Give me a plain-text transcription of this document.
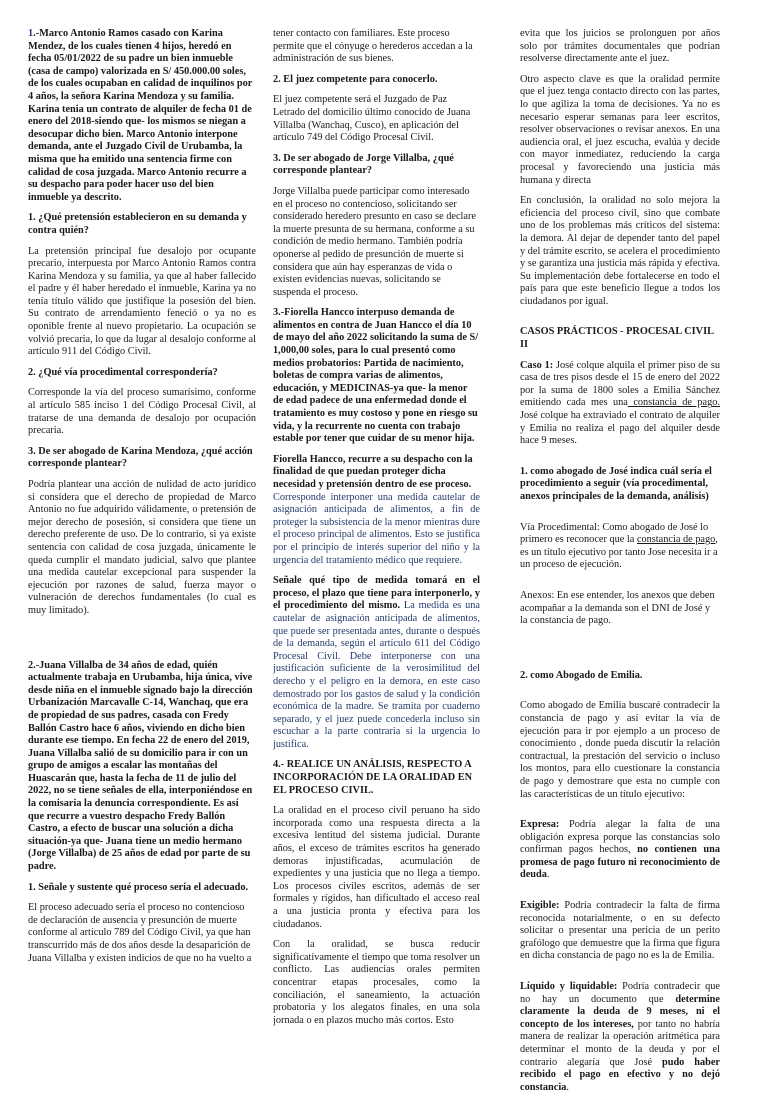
1.-Marco Antonio Ramos casado con Karina Mendez, de los cuales tienen 4 hijos, heredó en fecha 05/01/2022 de su padre un bien inmueble (casa de campo) valorizada en S/ 450.000.00 soles, de los cuales ocupaban en calidad de inquilinos por 4 años, la señora Karina Mendoza y su familia. Karina tenia un contrato de alquiler de fecha 01 de enero del 2018-siendo que- los mismos se niegan a desocupar dicho bien. Marco Antonio interpone demanda, ante el Juzgado Civil de Urubamba, la misma que ha emitido una sentencia firme con calidad de cosa juzgada. Marco Antonio recurre a su despacho para poder hacer uso del bien inmueble ya descrito.

1. ¿Qué pretensión establecieron en su demanda y contra quién?

La pretensión principal fue desalojo por ocupante precario, interpuesta por Marco Antonio Ramos contra Karina Mendoza y su familia, ya que al haber fallecido el padre y él haber heredado el inmueble, Karina ya no tenía título válido que justifique la posesión del bien. Su contrato de arrendamiento feneció o ya no es oponible frente al nuevo propietario. La ocupación se volvió precaria, lo que da lugar al desalojo conforme al artículo 911 del Código Civil.

2. ¿Qué vía procedimental correspondería?

Corresponde la vía del proceso sumarísimo, conforme al artículo 585 inciso 1 del Código Procesal Civil, al tratarse de una demanda de desalojo por ocupación precaria.

3. De ser abogado de Karina Mendoza, ¿qué acción corresponde plantear?

Podría plantear una acción de nulidad de acto jurídico si considera que el derecho de propiedad de Marco Antonio no fue adquirido válidamente, o pretensión de mejor derecho de posesión, si considera que tiene un derecho preferente de uso. De lo contrario, si ya existe sentencia con calidad de cosa juzgada, únicamente le queda cumplir el mandato judicial, salvo que plantee una medida cautelar excepcional para suspender la ejecución por razones de salud, fuerza mayor o vulneración de derechos fundamentales (lo cual es muy limitado).

2.-Juana Villalba de 34 años de edad, quién actualmente trabaja en Urubamba, hija única, vive desde niña en el inmueble signado bajo la dirección Urbanización Marcavalle C-14, Wanchaq, que era de propiedad de sus padres, casada con Fredy Ballón Castro hace 6 años, viviendo en dicho bien durante ese tiempo. En fecha 22 de enero del 2019, Juana Villalba salió de su domicilio para ir con un grupo de amigos a escalar las montañas del Huascarán que, hasta la fecha de 11 de julio del 2022, no se tiene señales de ella, interponiéndose en la comisaria la denuncia correspondiente. Es así que recurre a vuestro despacho Fredy Ballón Castro, a efecto de buscar una solución a dicha situación-ya que- Juana tiene un medio hermano (Jorge Villalba) de 25 años de edad por parte de su padre.

1. Señale y sustente qué proceso sería el adecuado.

El proceso adecuado sería el proceso no contencioso de declaración de ausencia y presunción de muerte conforme al artículo 789 del Código Civil, ya que han transcurrido más de dos años desde la desaparición de Juana Villalba y existen indicios de que no ha vuelto a

tener contacto con familiares. Este proceso permite que el cónyuge o herederos accedan a la administración de sus bienes.

2. El juez competente para conocerlo.

El juez competente será el Juzgado de Paz Letrado del domicilio último conocido de Juana Villalba (Wanchaq, Cusco), en aplicación del artículo 749 del Código Procesal Civil.

3. De ser abogado de Jorge Villalba, ¿qué corresponde plantear?

Jorge Villalba puede participar como interesado en el proceso no contencioso, solicitando ser considerado heredero presunto en caso se declare la muerte presunta de su hermana, conforme a su condición de medio hermano. También podría oponerse al pedido de presunción de muerte si considera que aún hay esperanzas de vida o existen evidencias nuevas, solicitando se suspenda el proceso.

3.-Fiorella Hancco interpuso demanda de alimentos en contra de Juan Hancco el día 10 de mayo del año 2022 solicitando la suma de S/ 1,000,00 soles, para lo cual presentó como medios probatorios: Partida de nacimiento, boletas de compra varias de alimentos, educación, y MEDICINAS-ya que- la menor de edad padece de una enfermedad donde el tratamiento es muy costoso y pone en riesgo su vida, y la recurrente no cuenta con trabajo estable por tener que cuidar de su menor hija.

Fiorella Hancco, recurre a su despacho con la finalidad de que puedan proteger dicha necesidad y pretensión dentro de ese proceso.

Corresponde interponer una medida cautelar de asignación anticipada de alimentos, a fin de proteger la subsistencia de la menor mientras dure el proceso principal de alimentos. Esto se justifica por el principio de interés superior del niño y la urgencia del tratamiento médico que requiere.

Señale qué tipo de medida tomará en el proceso, el plazo que tiene para interponerlo, y el procedimiento del mismo. La medida es una cautelar de asignación anticipada de alimentos, que puede ser presentada antes, durante o después de la demanda, según el artículo 611 del Código Procesal Civil. Debe interponerse con una justificación suficiente de la verosimilitud del derecho y el peligro en la demora, en este caso demostrado por los gastos de salud y la condición económica de la madre. Se tramita por cuaderno separado, y el juez puede concederla incluso sin escuchar a la parte contraria si la urgencia lo justifica.

4.- REALICE UN ANÁLISIS, RESPECTO A INCORPORACIÓN DE LA ORALIDAD EN EL PROCESO CIVIL.

La oralidad en el proceso civil peruano ha sido incorporada como una respuesta directa a la excesiva lentitud del sistema judicial. Durante años, el exceso de trámites escritos ha generado demoras injustificadas, acumulación de expedientes y una justicia que no llega a tiempo. Los procesos civiles escritos, además de ser formales y rígidos, han dificultado el acceso real a una justicia pronta y efectiva para los ciudadanos.

Con la oralidad, se busca reducir significativamente el tiempo que toma resolver un conflicto. Las audiencias orales permiten concentrar etapas procesales, como la conciliación, el saneamiento, la actuación probatoria y los alegatos finales, en una sola jornada o en plazos mucho más cortos. Esto

evita que los juicios se prolonguen por años solo por trámites documentales que podrían resolverse directamente ante el juez.

Otro aspecto clave es que la oralidad permite que el juez tenga contacto directo con las partes, lo que agiliza la toma de decisiones. Ya no es necesario esperar semanas para leer escritos, resolver observaciones o revisar anexos. En una audiencia oral, el juez escucha, evalúa y decide con mayor inmediatez, reduciendo la carga procesal y favoreciendo una justicia más humana y directa

En conclusión, la oralidad no solo mejora la eficiencia del proceso civil, sino que combate uno de los problemas más críticos del sistema: la demora. Al dejar de depender tanto del papel y del trámite escrito, se acelera el procedimiento y se garantiza una justicia más rápida y efectiva. Su implementación debe fortalecerse en todo el país para que este beneficio llegue a todos los ciudadanos por igual.

CASOS PRÁCTICOS - PROCESAL CIVIL II

Caso 1: José colque alquila el primer piso de su casa de tres pisos desde el 15 de enero del 2022 por la suma de 1800 soles a Emilia Sánchez emitiendo cada mes una constancia de pago. José colque ha extraviado el contrato de alquiler y Emilia no realiza el pago del alquiler desde hace 9 meses.

1. como abogado de José indica cuál sería el procedimiento a seguir (vía procedimental, anexos principales de la demanda, análisis)

Vía Procedimental: Como abogado de José lo primero es reconocer que la constancia de pago, es un título ejecutivo por tanto Jose necesita ir a un proceso de ejecución.

Anexos: En ese entender, los anexos que deben acompañar a la demanda son el DNI de José y la constancia de pago.

2. como Abogado de Emilia.

Como abogado de Emilia buscaré contradecir la constancia de pago y así evitar la vía de ejecución para ir por ejemplo a un proceso de conocimiento , donde pueda discutir la relación contractual, la prestación del servicio o incluso los montos, para ello cuestionare la constancia de pago y demostrare que esta no cumple con las características de un título ejecutivo:

Expresa: Podría alegar la falta de una obligación expresa porque las constancias solo confirman pagos hechos, no contienen una promesa de pago futuro ni reconocimiento de deuda.

Exigible: Podría contradecir la falta de firma reconocida notarialmente, o en su defecto solicitar o presentar una pericia de un perito grafólogo que demuestre que la firma que figura en dicha constancia de pago no es la de Emilia.

Líquido y liquidable: Podría contradecir que no hay un documento que determine claramente la deuda de 9 meses, ni el concepto de los intereses, por tanto no habría manera de realizar la operación aritmética para determinar el monto de la deuda y por el contrario alegaría que José pudo haber recibido el pago en efectivo y no dejó constancia.
